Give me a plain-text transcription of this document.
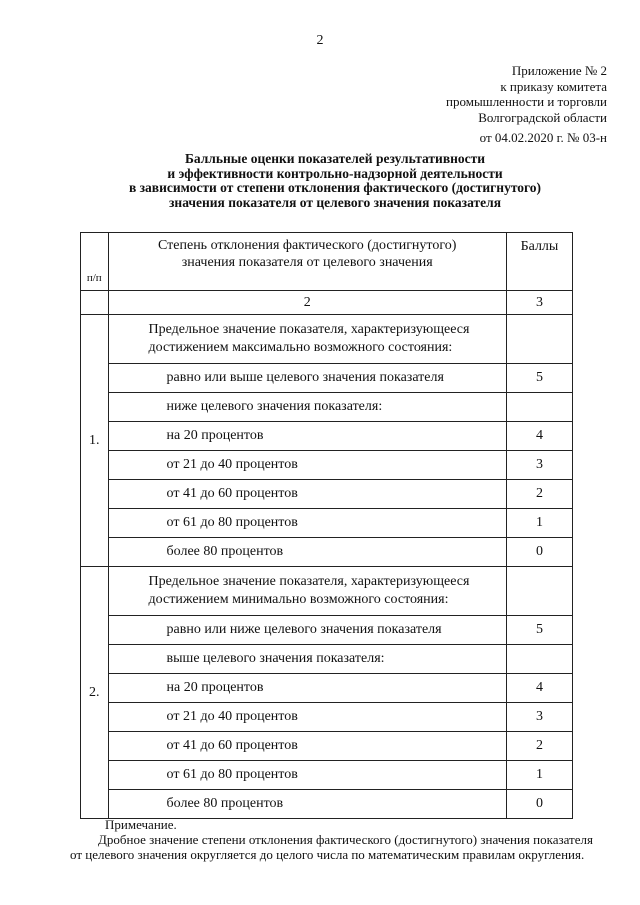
2
Приложение № 2
к приказу комитета
промышленности и торговли
Волгоградской области
от 04.02.2020 г. № 03-н
Балльные оценки показателей результативности
и эффективности контрольно-надзорной деятельности
в зависимости от степени отклонения фактического (достигнутого)
значения показателя от целевого значения показателя
п/п	Степень отклонения фактического (достигнутого)
значения показателя от целевого значения	Баллы
	2	3
1.	Предельное значение показателя, характеризующееся
достижением максимально возможного состояния:	

	равно или выше целевого значения показателя	5
	ниже целевого значения показателя:	
	на 20 процентов	4
	от 21 до 40 процентов	3
	от 41 до 60 процентов	2
	от 61 до 80 процентов	1
	более 80 процентов	0
2.	Предельное значение показателя, характеризующееся
достижением минимально возможного состояния:	

	равно или ниже целевого значения показателя	5
	выше целевого значения показателя:	
	на 20 процентов	4
	от 21 до 40 процентов	3
	от 41 до 60 процентов	2
	от 61 до 80 процентов	1
	более 80 процентов	0
Примечание.
Дробное значение степени отклонения фактического (достигнутого) значения показателя от целевого значения округляется до целого числа по математическим правилам округления.
